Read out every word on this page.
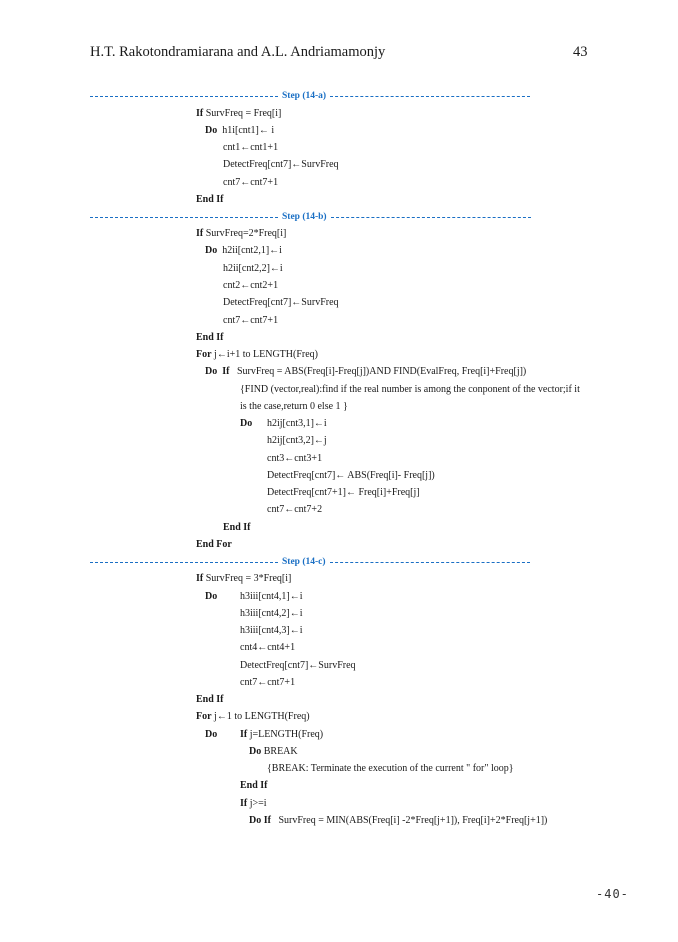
H.T. Rakotondramiarana and A.L. Andriamamonjy	43
Step (14-a)
If SurvFreq = Freq[i]
Do h1i[cnt1]← i
cnt1←cnt1+1
DetectFreq[cnt7]←SurvFreq
cnt7←cnt7+1
End If
Step (14-b)
If SurvFreq=2*Freq[i]
Do h2ii[cnt2,1]←i
h2ii[cnt2,2]←i
cnt2←cnt2+1
DetectFreq[cnt7]←SurvFreq
cnt7←cnt7+1
End If
For j←i+1 to LENGTH(Freq)
Do If SurvFreq = ABS(Freq[i]-Freq[j])AND FIND(EvalFreq, Freq[i]+Freq[j])
{FIND (vector,real):find if the real number is among the conponent of the vector;if it
is the case,return 0 else 1 }
Do h2ij[cnt3,1]←i
h2ij[cnt3,2]←j
cnt3←cnt3+1
DetectFreq[cnt7]← ABS(Freq[i]- Freq[j])
DetectFreq[cnt7+1]← Freq[i]+Freq[j]
cnt7←cnt7+2
End If
End For
Step (14-c)
If SurvFreq = 3*Freq[i]
Do h3iii[cnt4,1]←i
h3iii[cnt4,2]←i
h3iii[cnt4,3]←i
cnt4←cnt4+1
DetectFreq[cnt7]←SurvFreq
cnt7←cnt7+1
End If
For j←1 to LENGTH(Freq)
Do If j=LENGTH(Freq)
Do BREAK
{BREAK: Terminate the execution of the current " for" loop}
End If
If j>=i
Do If SurvFreq = MIN(ABS(Freq[i] -2*Freq[j+1]), Freq[i]+2*Freq[j+1])
-40-
